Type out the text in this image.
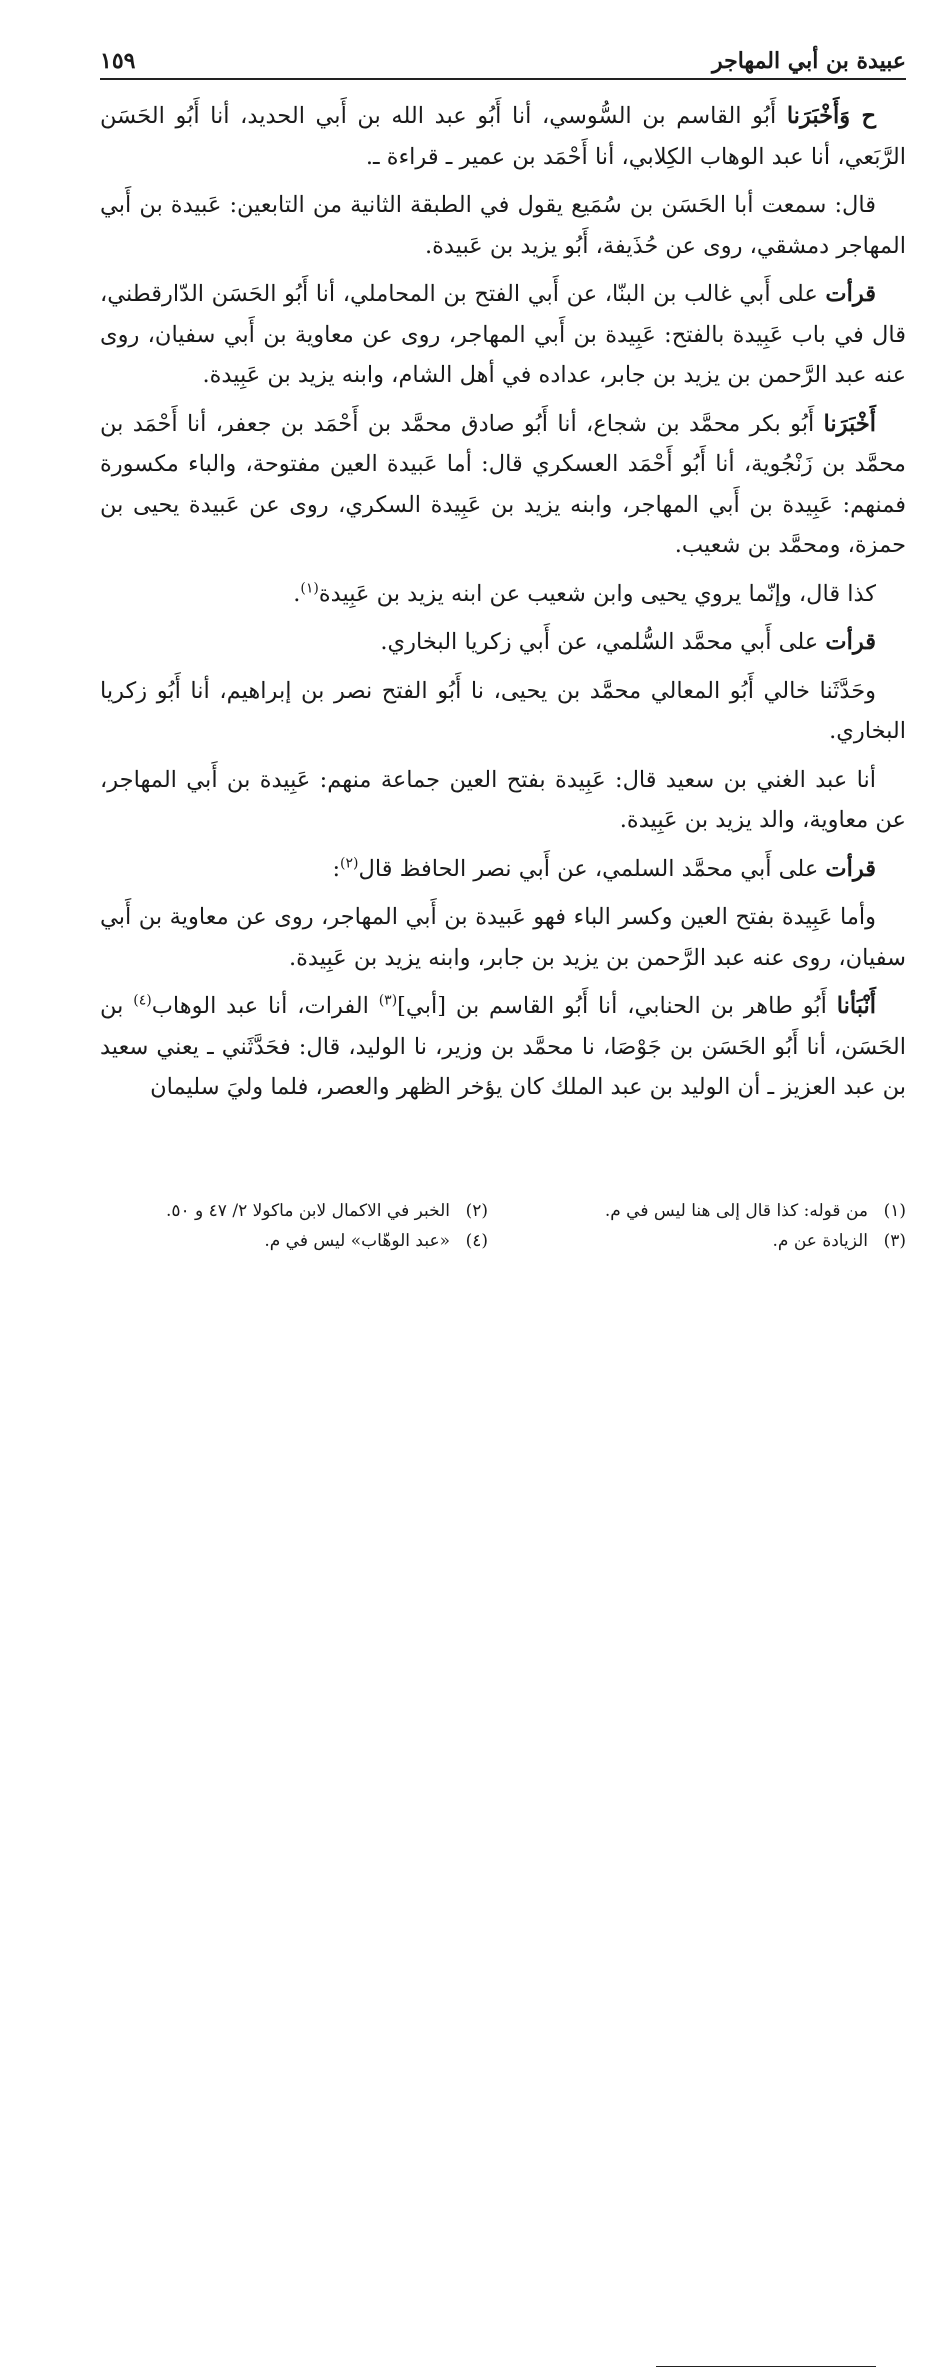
عبيدة بن أبي المهاجر
١٥٩

ح وَأَخْبَرَنا أَبُو القاسم بن السُّوسي، أنا أَبُو عبد الله بن أَبي الحديد، أنا أَبُو الحَسَن الرَّبَعي، أنا عبد الوهاب الكِلابي، أنا أَحْمَد بن عمير ـ قراءة ـ.

قال: سمعت أبا الحَسَن بن سُمَيع يقول في الطبقة الثانية من التابعين: عَبيدة بن أَبي المهاجر دمشقي، روى عن حُذَيفة، أَبُو يزيد بن عَبيدة.

قرأت على أَبي غالب بن البنّا، عن أَبي الفتح بن المحاملي، أنا أَبُو الحَسَن الدّارقطني، قال في باب عَبِيدة بالفتح: عَبِيدة بن أَبي المهاجر، روى عن معاوية بن أَبي سفيان، روى عنه عبد الرَّحمن بن يزيد بن جابر، عداده في أهل الشام، وابنه يزيد بن عَبِيدة.

أَخْبَرَنا أَبُو بكر محمَّد بن شجاع، أنا أَبُو صادق محمَّد بن أَحْمَد بن جعفر، أنا أَحْمَد بن محمَّد بن زَنْجُوية، أنا أَبُو أَحْمَد العسكري قال: أما عَبيدة العين مفتوحة، والباء مكسورة فمنهم: عَبِيدة بن أَبي المهاجر، وابنه يزيد بن عَبِيدة السكري، روى عن عَبيدة يحيى بن حمزة، ومحمَّد بن شعيب.

كذا قال، وإنّما يروي يحيى وابن شعيب عن ابنه يزيد بن عَبِيدة$^{(١)}$.

قرأت على أَبي محمَّد السُّلمي، عن أَبي زكريا البخاري.

وحَدَّثَنا خالي أَبُو المعالي محمَّد بن يحيى، نا أَبُو الفتح نصر بن إبراهيم، أنا أَبُو زكريا البخاري.

أنا عبد الغني بن سعيد قال: عَبِيدة بفتح العين جماعة منهم: عَبِيدة بن أَبي المهاجر، عن معاوية، والد يزيد بن عَبِيدة.

قرأت على أَبي محمَّد السلمي، عن أَبي نصر الحافظ قال$^{(٢)}$:

وأما عَبِيدة بفتح العين وكسر الباء فهو عَبيدة بن أَبي المهاجر، روى عن معاوية بن أَبي سفيان، روى عنه عبد الرَّحمن بن يزيد بن جابر، وابنه يزيد بن عَبِيدة.

أَنْبَأنا أَبُو طاهر بن الحنابي، أنا أَبُو القاسم بن [أبي]$^{(٣)}$ الفرات، أنا عبد الوهاب$^{(٤)}$ بن الحَسَن، أنا أَبُو الحَسَن بن جَوْصَا، نا محمَّد بن وزير، نا الوليد، قال: فحَدَّثَني ـ يعني سعيد بن عبد العزيز ـ أن الوليد بن عبد الملك كان يؤخر الظهر والعصر، فلما وليَ سليمان

(١)
من قوله: كذا قال إلى هنا ليس في م.
(٢)
الخبر في الاكمال لابن ماكولا ٢/ ٤٧ و ٥٠.
(٣)
الزيادة عن م.
(٤)
«عبد الوهّاب» ليس في م.
